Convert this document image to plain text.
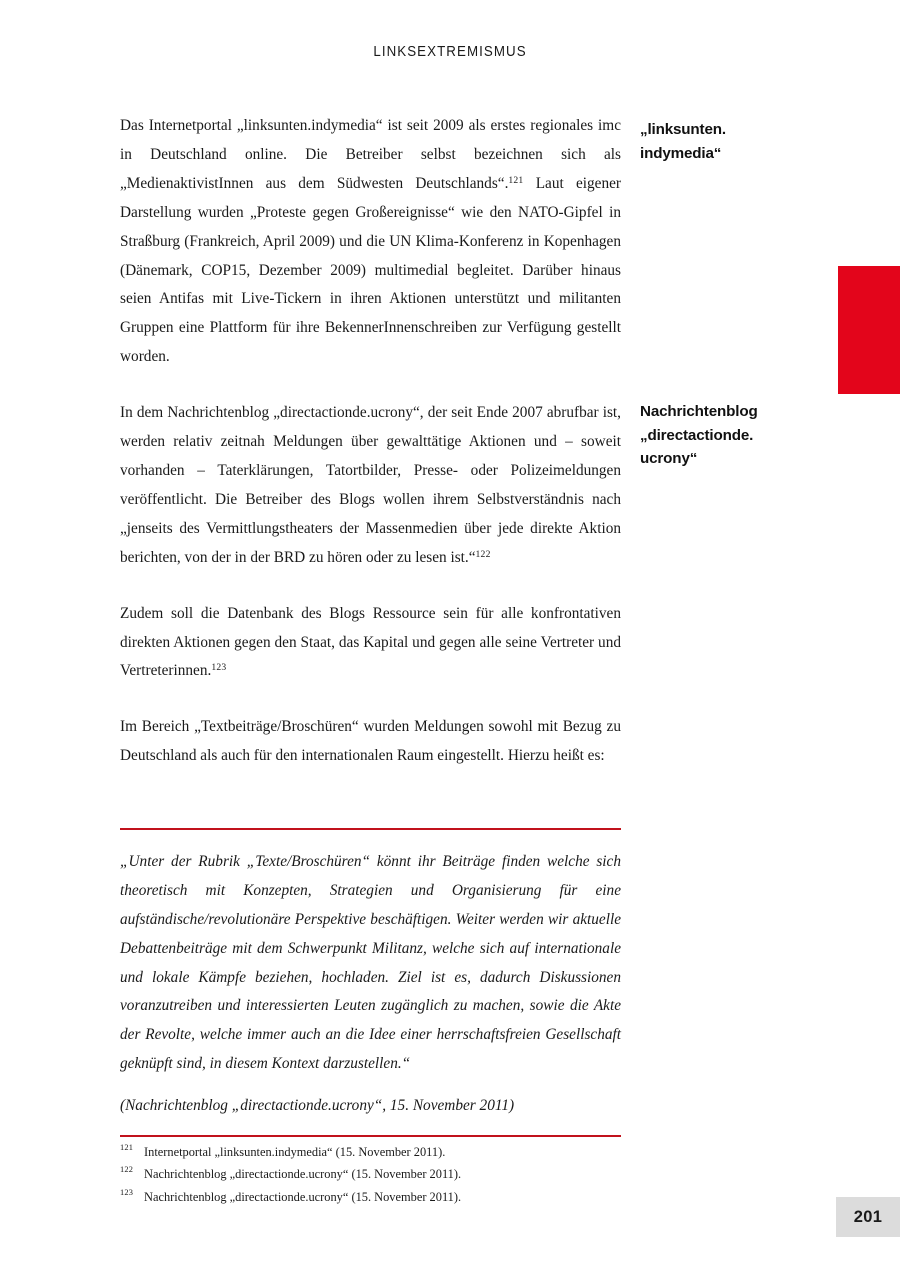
LINKSEXTREMISMUS

Das Internetportal „linksunten.indymedia“ ist seit 2009 als erstes regionales imc in Deutschland online. Die Betreiber selbst bezeichnen sich als „MedienaktivistInnen aus dem Südwesten Deutschlands“.$^{121}$ Laut eigener Darstellung wurden „Proteste gegen Großereignisse“ wie den NATO-Gipfel in Straßburg (Frankreich, April 2009) und die UN Klima-Konferenz in Kopenhagen (Dänemark, COP15, Dezember 2009) multimedial begleitet. Darüber hinaus seien Antifas mit Live-Tickern in ihren Aktionen unterstützt und militanten Gruppen eine Plattform für ihre BekennerInnenschreiben zur Verfügung gestellt worden.

In dem Nachrichtenblog „directactionde.ucrony“, der seit Ende 2007 abrufbar ist, werden relativ zeitnah Meldungen über gewalttätige Aktionen und – soweit vorhanden – Taterklärungen, Tatortbilder, Presse- oder Polizeimeldungen veröffentlicht. Die Betreiber des Blogs wollen ihrem Selbstverständnis nach „jenseits des Vermittlungstheaters der Massenmedien über jede direkte Aktion berichten, von der in der BRD zu hören oder zu lesen ist.“$^{122}$

Zudem soll die Datenbank des Blogs Ressource sein für alle konfrontativen direkten Aktionen gegen den Staat, das Kapital und gegen alle seine Vertreter und Vertreterinnen.$^{123}$

Im Bereich „Textbeiträge/Broschüren“ wurden Meldungen sowohl mit Bezug zu Deutschland als auch für den internationalen Raum eingestellt. Hierzu heißt es:

„Unter der Rubrik „Texte/Broschüren“ könnt ihr Beiträge finden welche sich theoretisch mit Konzepten, Strategien und Organisierung für eine aufständische/revolutionäre Perspektive beschäftigen. Weiter werden wir aktuelle Debattenbeiträge mit dem Schwerpunkt Militanz, welche sich auf internationale und lokale Kämpfe beziehen, hochladen. Ziel ist es, dadurch Diskussionen voranzutreiben und interessierten Leuten zugänglich zu machen, sowie die Akte der Revolte, welche immer auch an die Idee einer herrschaftsfreien Gesellschaft geknüpft sind, in diesem Kontext darzustellen.“

(Nachrichtenblog „directactionde.ucrony“, 15. November 2011)

„linksunten.
indymedia“
Nachrichtenblog
„directactionde.
ucrony“
121 Internetportal „linksunten.indymedia“ (15. November 2011).
122 Nachrichtenblog „directactionde.ucrony“ (15. November 2011).
123 Nachrichtenblog „directactionde.ucrony“ (15. November 2011).
201
